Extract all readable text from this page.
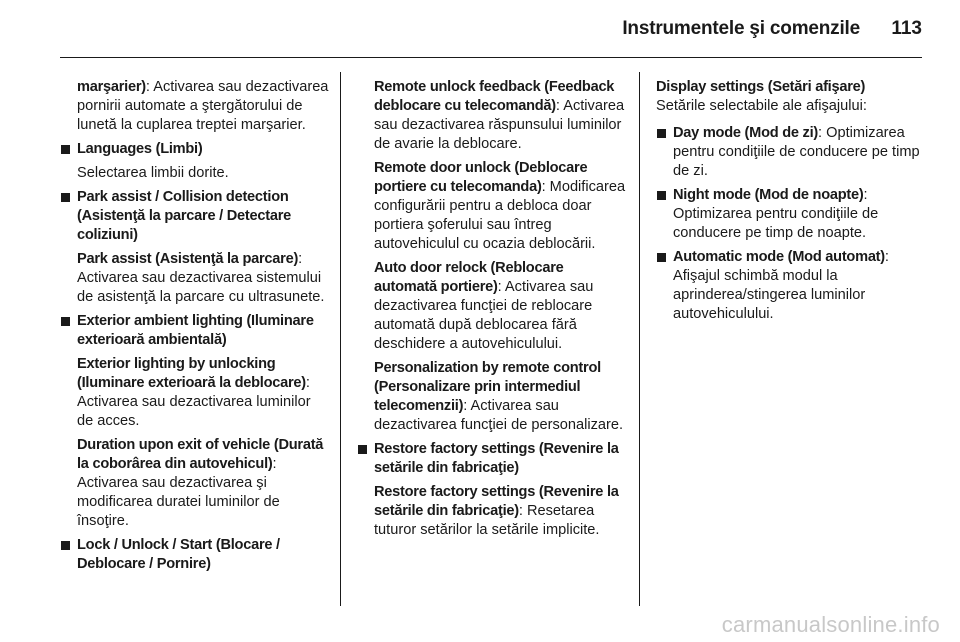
Instrumentele şi comenzile	113

marşarier): Activarea sau dezactivarea pornirii automate a ştergătorului de lunetă la cuplarea treptei marşarier.

Languages (Limbi)
Selectarea limbii dorite.
Park assist / Collision detection (Asistenţă la parcare / Detectare coliziuni)
Park assist (Asistenţă la parcare): Activarea sau dezactivarea sistemului de asistenţă la parcare cu ultrasunete.
Exterior ambient lighting (Iluminare exterioară ambientală)
Exterior lighting by unlocking (Iluminare exterioară la deblocare): Activarea sau dezactivarea luminilor de acces.
Duration upon exit of vehicle (Durată la coborârea din autovehicul): Activarea sau dezactivarea şi modificarea duratei luminilor de însoţire.
Lock / Unlock / Start (Blocare / Deblocare / Pornire)

Remote unlock feedback (Feedback deblocare cu telecomandă): Activarea sau dezactivarea răspunsului luminilor de avarie la deblocare.

Remote door unlock (Deblocare portiere cu telecomanda): Modificarea configurării pentru a debloca doar portiera şoferului sau întreg autovehiculul cu ocazia deblocării.

Auto door relock (Reblocare automată portiere): Activarea sau dezactivarea funcţiei de reblocare automată după deblocarea fără deschidere a autovehiculului.

Personalization by remote control (Personalizare prin intermediul telecomenzii): Activarea sau dezactivarea funcţiei de personalizare.

Restore factory settings (Revenire la setările din fabricaţie)
Restore factory settings (Revenire la setările din fabricaţie): Resetarea tuturor setărilor la setările implicite.
Display settings (Setări afişare)

Setările selectabile ale afişajului:

Day mode (Mod de zi): Optimizarea pentru condiţiile de conducere pe timp de zi.
Night mode (Mod de noapte): Optimizarea pentru condiţiile de conducere pe timp de noapte.
Automatic mode (Mod automat): Afişajul schimbă modul la aprinderea/stingerea luminilor autovehiculului.
carmanualsonline.info
